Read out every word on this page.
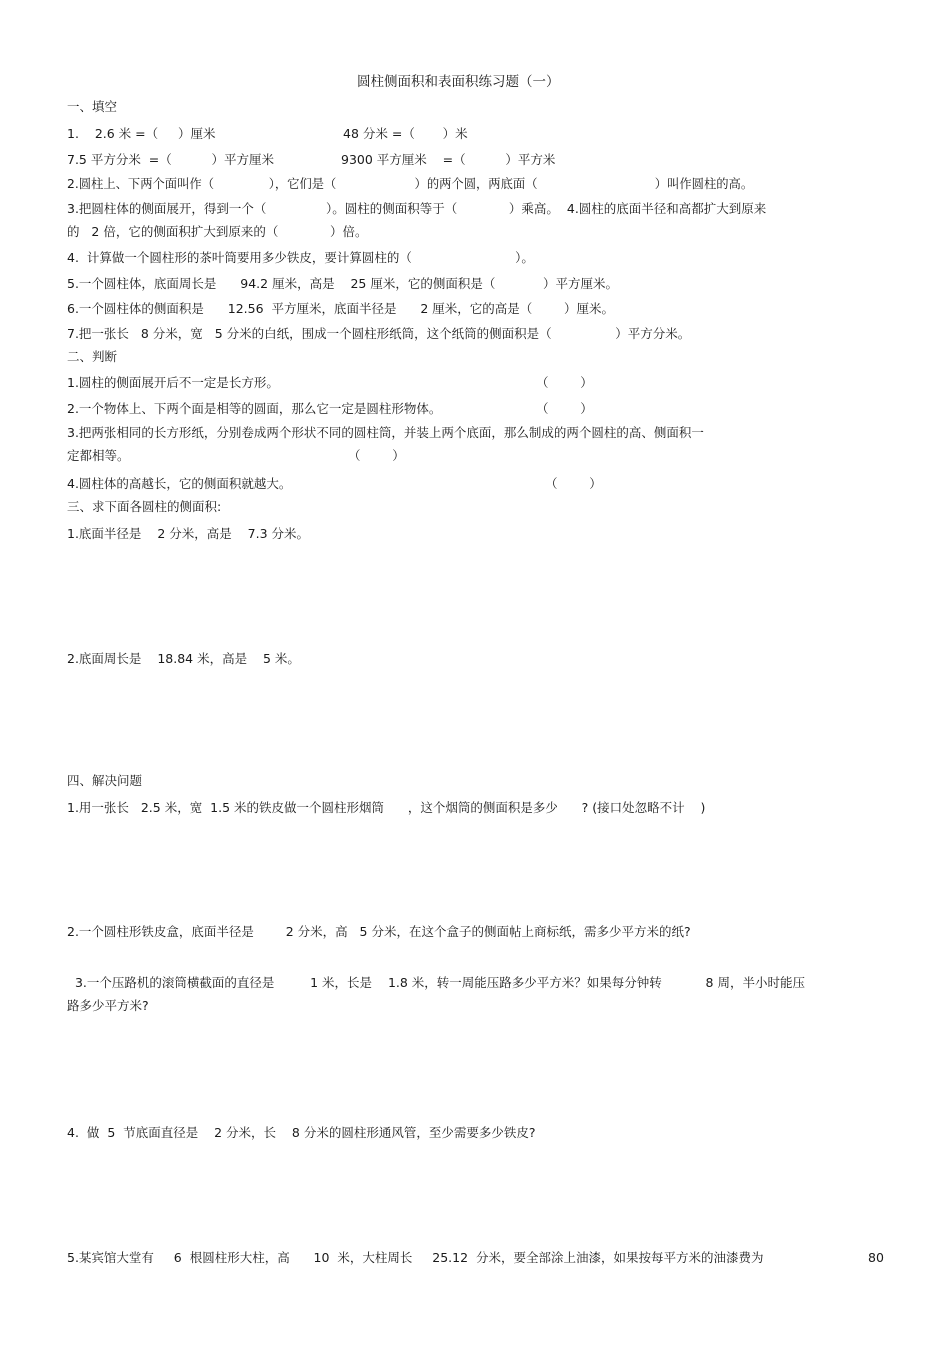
圆柱侧面积和表面积练习题（一）
一、填空
1.    2.6 米 =（     ）厘米	48 分米 =（       ）米
7.5 平方分米  =（          ）平方厘米	9300 平方厘米    =（          ）平方米
2.圆柱上、下两个面叫作（              ），它们是（                    ）的两个圆，两底面（                              ）叫作圆柱的高。
3.把圆柱体的侧面展开，得到一个（               ）。圆柱的侧面积等于（             ）乘高。  4.圆柱的底面半径和高都扩大到原来
的   2 倍，它的侧面积扩大到原来的（             ）倍。
4.  计算做一个圆柱形的茶叶筒要用多少铁皮，要计算圆柱的（                          ）。
5.一个圆柱体，底面周长是      94.2 厘米，高是    25 厘米，它的侧面积是（            ）平方厘米。
6.一个圆柱体的侧面积是      12.56  平方厘米，底面半径是      2 厘米，它的高是（        ）厘米。
7.把一张长   8 分米，宽   5 分米的白纸，围成一个圆柱形纸筒，这个纸筒的侧面积是（                ）平方分米。
二、判断
1.圆柱的侧面展开后不一定是长方形。	（        ）
2.一个物体上、下两个面是相等的圆面，那么它一定是圆柱形物体。	（        ）
3.把两张相同的长方形纸，分别卷成两个形状不同的圆柱筒，并装上两个底面，那么制成的两个圆柱的高、侧面积一
定都相等。	（        ）
4.圆柱体的高越长，它的侧面积就越大。	（        ）
三、求下面各圆柱的侧面积:
1.底面半径是    2 分米，高是    7.3 分米。
2.底面周长是    18.84 米，高是    5 米。
四、解决问题
1.用一张长   2.5 米，宽  1.5 米的铁皮做一个圆柱形烟筒      ，这个烟筒的侧面积是多少      ? (接口处忽略不计    )
2.一个圆柱形铁皮盒，底面半径是        2 分米，高   5 分米，在这个盒子的侧面帖上商标纸，需多少平方米的纸?
3.一个压路机的滚筒横截面的直径是         1 米，长是    1.8 米，转一周能压路多少平方米？如果每分钟转           8 周，半小时能压
路多少平方米?
4.  做  5  节底面直径是    2 分米，长    8 分米的圆柱形通风管，至少需要多少铁皮?
5.某宾馆大堂有     6  根圆柱形大柱，高      10  米，大柱周长     25.12  分米，要全部涂上油漆，如果按每平方米的油漆费为	80
